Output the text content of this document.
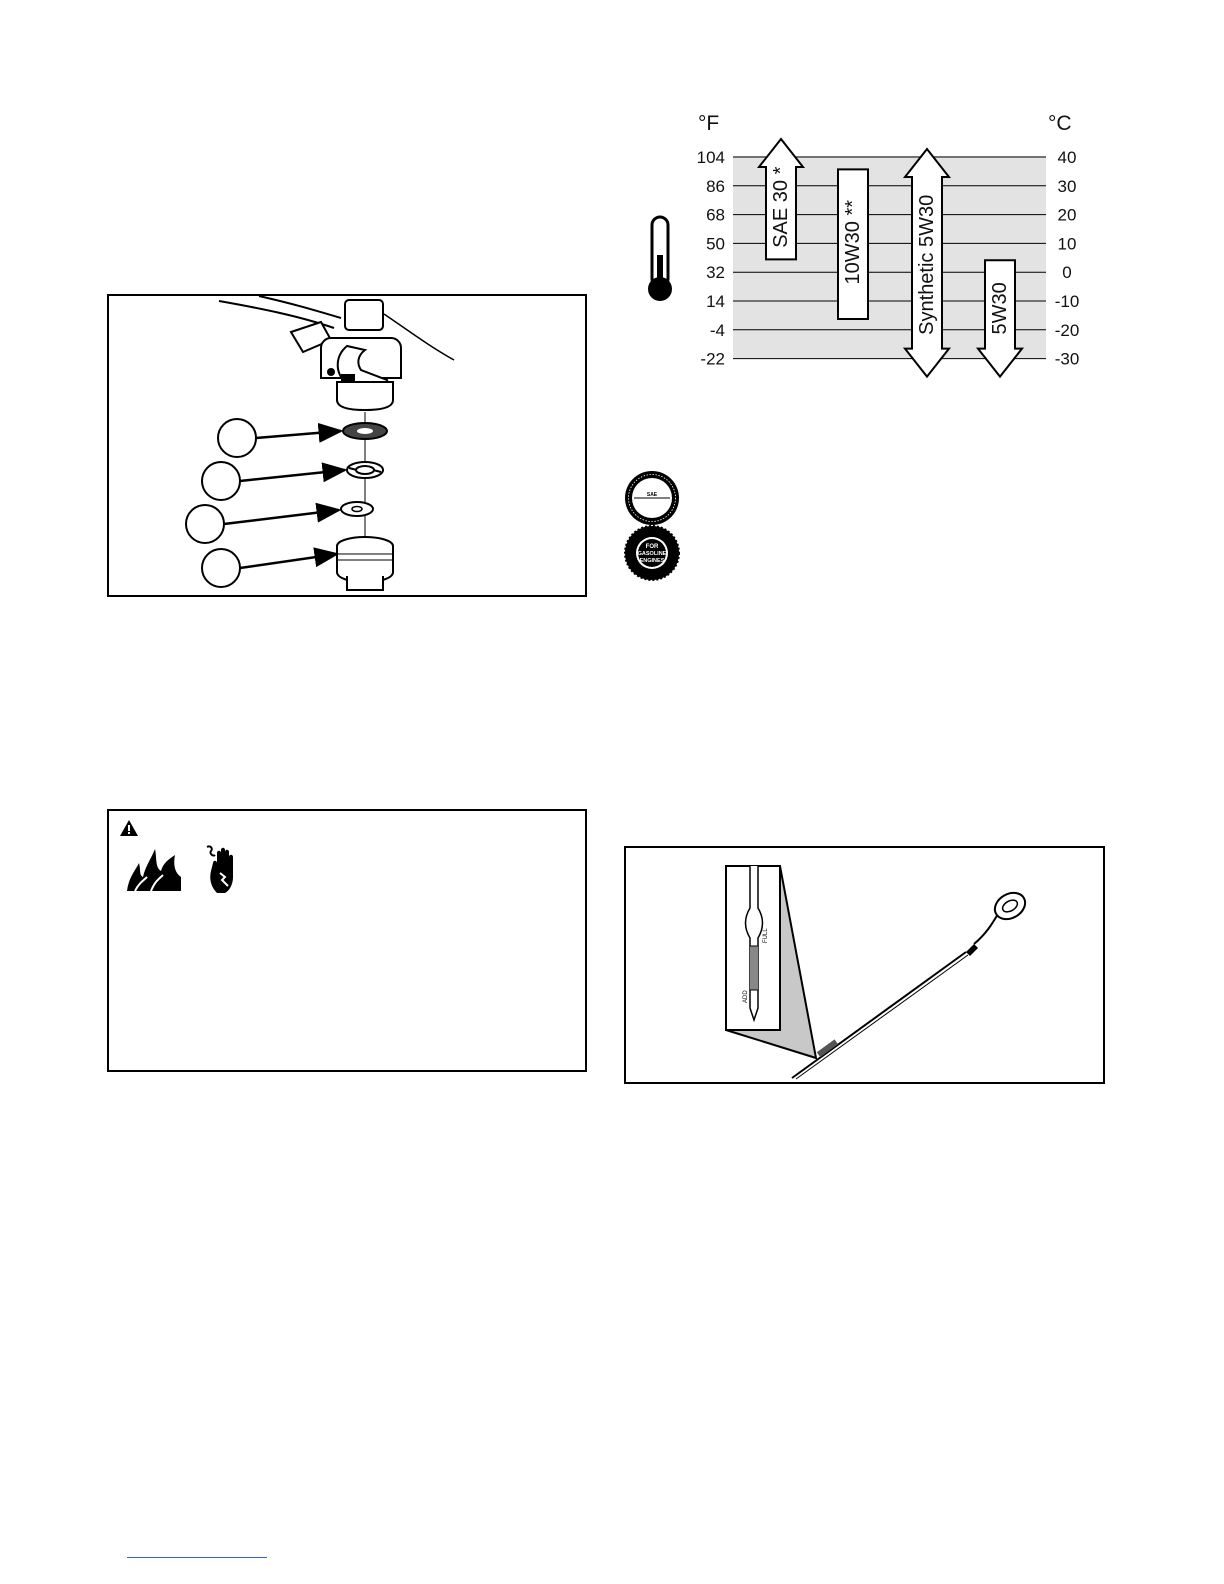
°F	°C
104
86
68
50
32
14
-4
-22
40
30
20
10
0
-10
-20
-30
SAE 30 *	10W30 **	Synthetic 5W30	5W30
SAE
FOR
GASOLINE
ENGINES
ADD
FULL
